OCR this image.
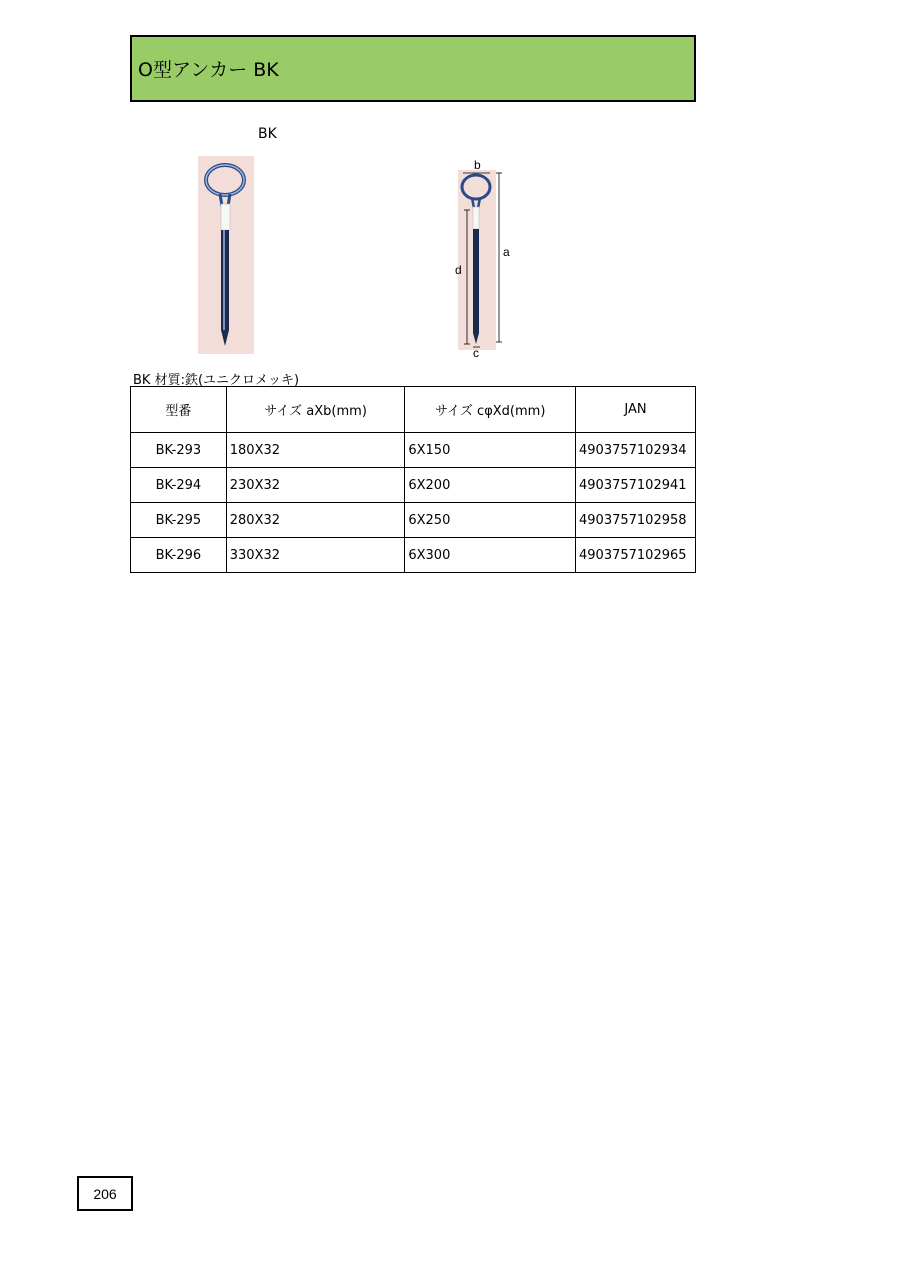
O型アンカー BK
BK
b
a
d
c
BK 材質:鉄(ユニクロメッキ)
型番	サイズ aXb(mm)	サイズ cφXd(mm)	JAN
BK-293	180X32	6X150	4903757102934
BK-294	230X32	6X200	4903757102941
BK-295	280X32	6X250	4903757102958
BK-296	330X32	6X300	4903757102965
206
